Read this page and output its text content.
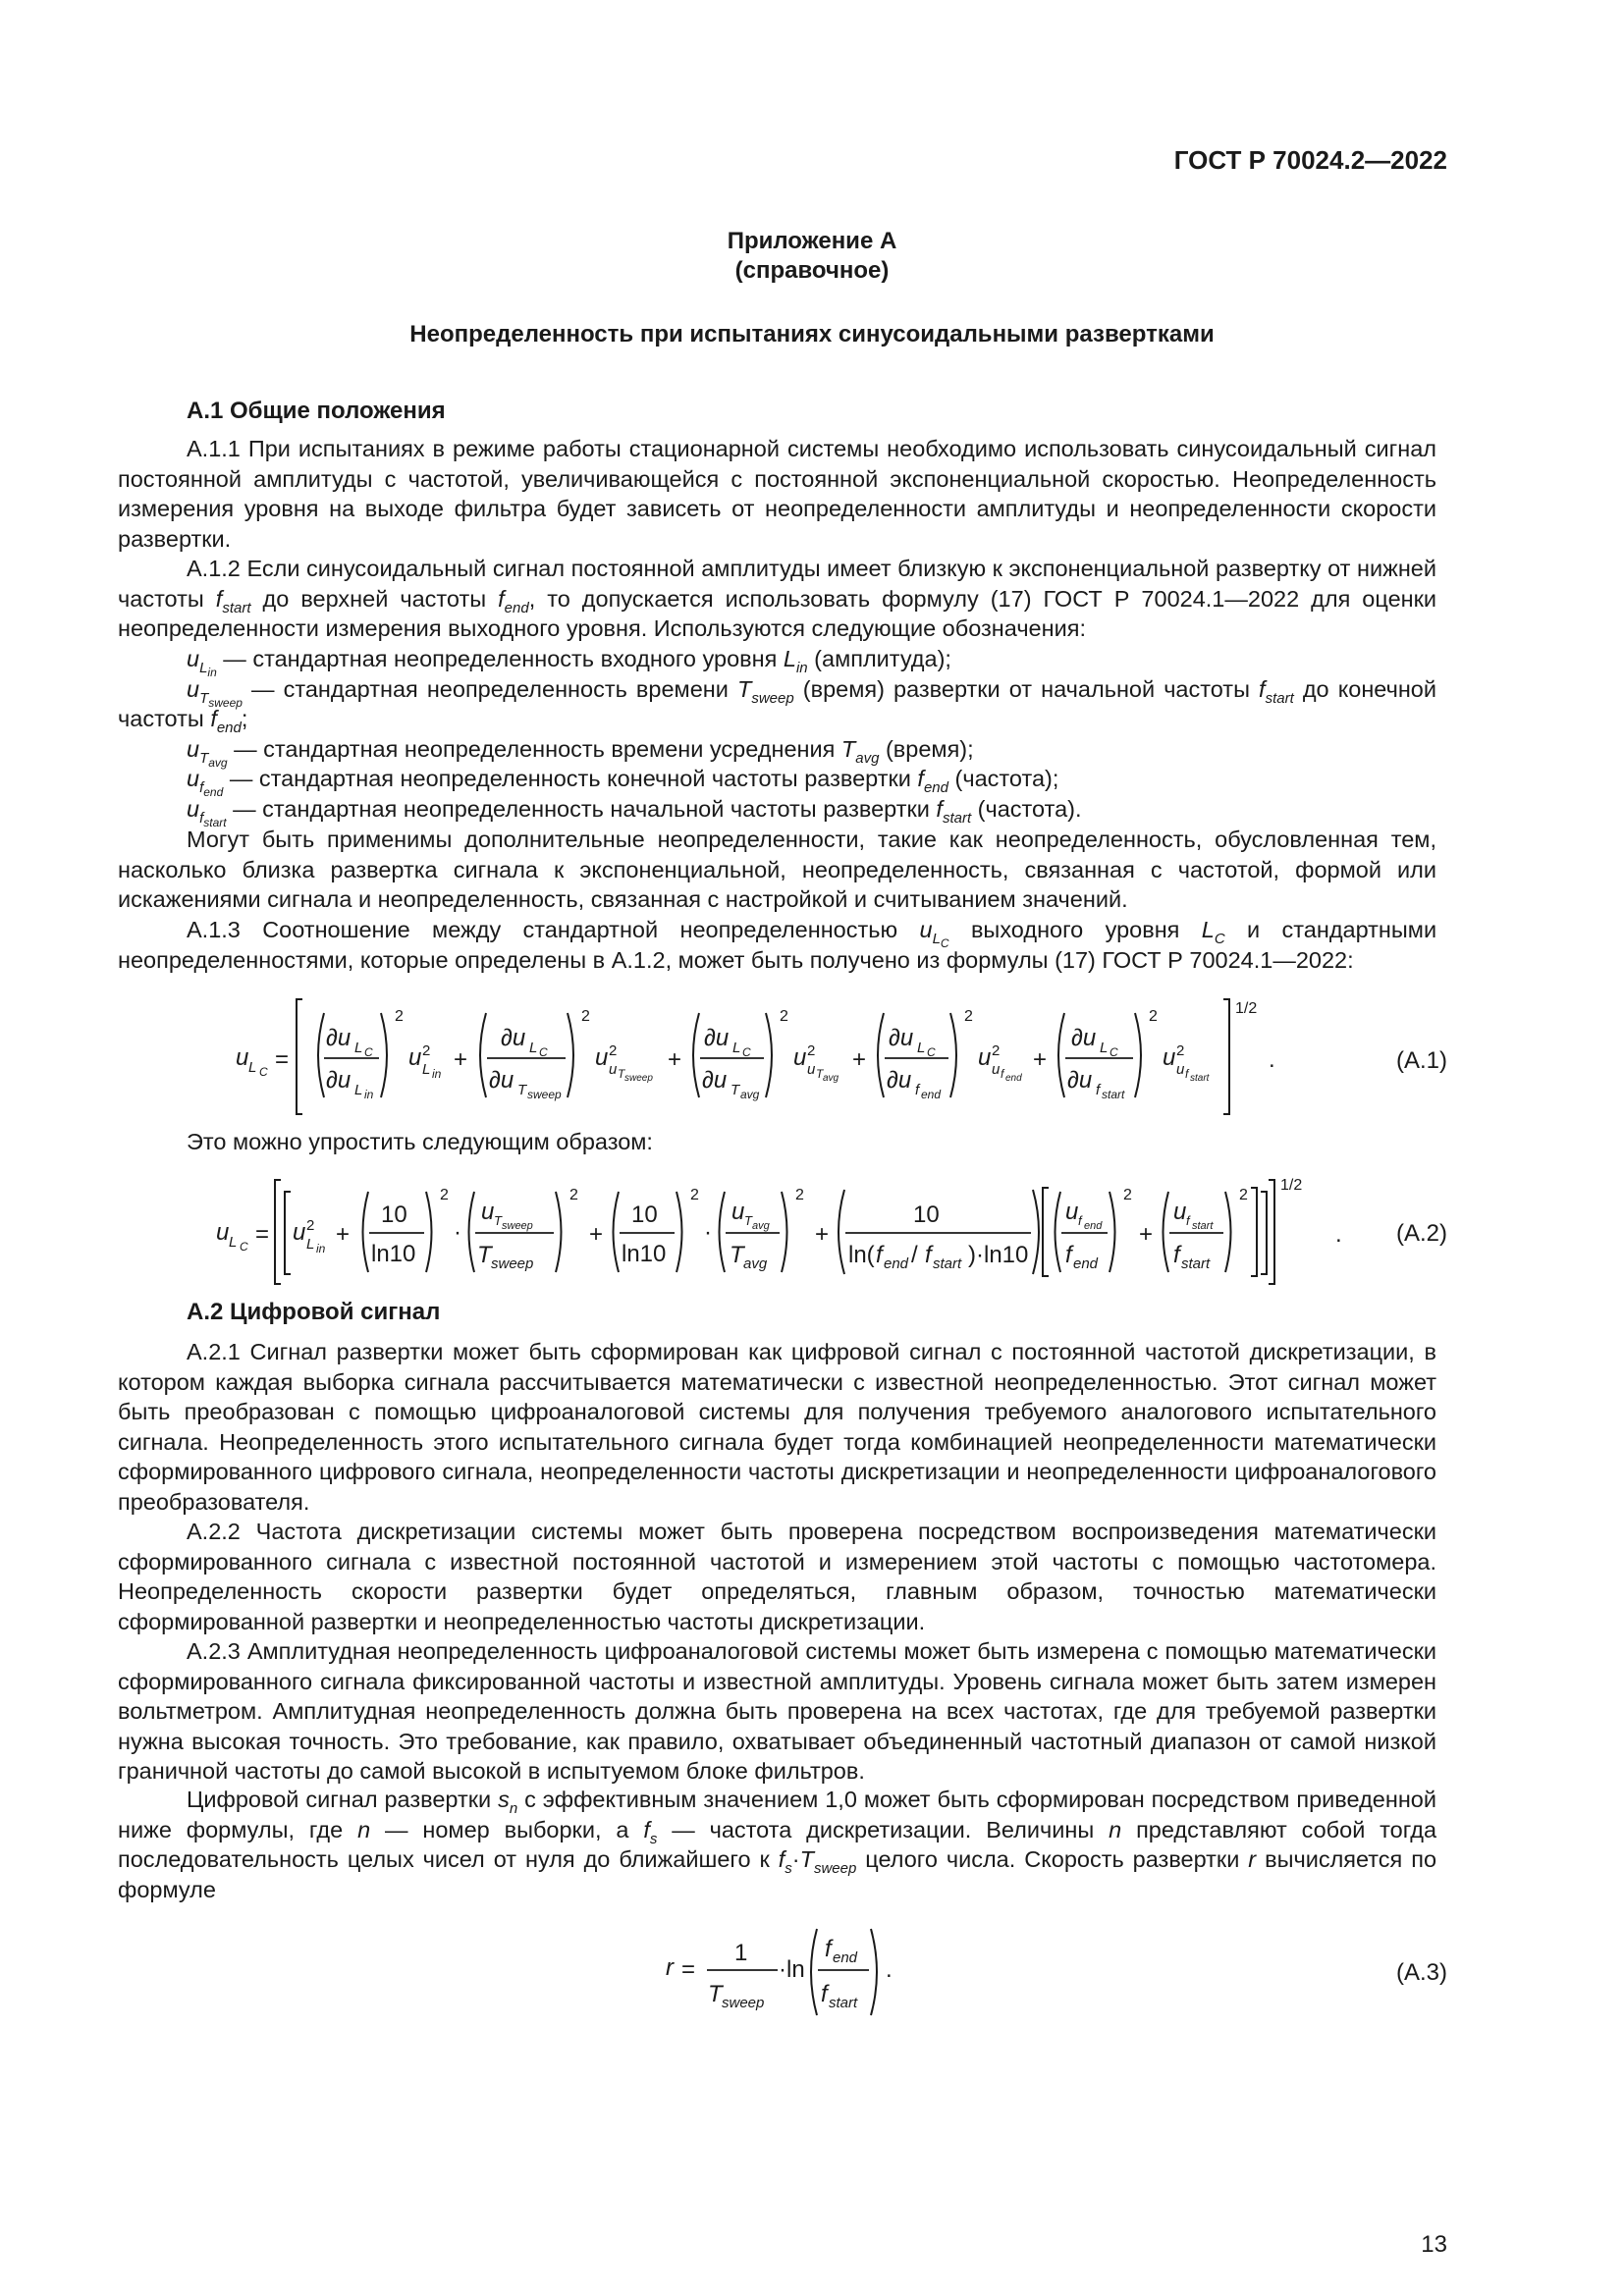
ГОСТ Р 70024.2—2022
Приложение А
(справочное)
Неопределенность при испытаниях синусоидальными развертками
А.1 Общие положения

А.1.1 При испытаниях в режиме работы стационарной системы необходимо использовать синусоидальный сигнал постоянной амплитуды с частотой, увеличивающейся с постоянной экспоненциальной скоростью. Неопределенность измерения уровня на выходе фильтра будет зависеть от неопределенности амплитуды и неопределенности скорости развертки.

А.1.2 Если синусоидальный сигнал постоянной амплитуды имеет близкую к экспоненциальной развертку от нижней частоты $f_{start}$ до верхней частоты $f_{end}$, то допускается использовать формулу (17) ГОСТ Р 70024.1—2022 для оценки неопределенности измерения выходного уровня. Используются следующие обозначения:

$u_{L_{in}}$ — стандартная неопределенность входного уровня $L_{in}$ (амплитуда);
$u_{T_{sweep}}$ — стандартная неопределенность времени $T_{sweep}$ (время) развертки от начальной частоты $f_{start}$ до конечной частоты $f_{end}$;
$u_{T_{avg}}$ — стандартная неопределенность времени усреднения $T_{avg}$ (время);
$u_{f_{end}}$ — стандартная неопределенность конечной частоты развертки $f_{end}$ (частота);
$u_{f_{start}}$ — стандартная неопределенность начальной частоты развертки $f_{start}$ (частота).

Могут быть применимы дополнительные неопределенности, такие как неопределенность, обусловленная тем, насколько близка развертка сигнала к экспоненциальной, неопределенность, связанная с частотой, формой или искажениями сигнала и неопределенность, связанная с настройкой и считыванием значений.

А.1.3 Соотношение между стандартной неопределенностью $u_{L_C}$ выходного уровня $L_C$ и стандартными неопределенностями, которые определены в А.1.2, может быть получено из формулы (17) ГОСТ Р 70024.1—2022:

u L C =
∂u L C
∂u L in
2
u 2
L in
+
∂u L C
∂u T sweep
2
u 2
u T sweep
+
∂u L C
∂u T avg
2
u 2
u T avg
+
∂u L C
∂u f end
2
u 2
u f end
+
∂u L C
∂u f start
2
u 2
u f start
1/2
.	(А.1)

Это можно упростить следующим образом:

u L C = u 2
L in
+
10
ln10
2
·
u T sweep
T sweep
2
+
10
ln10
2
·
u T avg
T avg
2
+
10
ln( f end / f start )·ln10
u f end
f end
2
+
u f start
f start
2
1/2
. (А.2)
А.2 Цифровой сигнал

А.2.1 Сигнал развертки может быть сформирован как цифровой сигнал с постоянной частотой дискретизации, в котором каждая выборка сигнала рассчитывается математически с известной неопределенностью. Этот сигнал может быть преобразован с помощью цифроаналоговой системы для получения требуемого аналогового испытательного сигнала. Неопределенность этого испытательного сигнала будет тогда комбинацией неопределенности математически сформированного цифрового сигнала, неопределенности частоты дискретизации и неопределенности цифроаналогового преобразователя.

А.2.2 Частота дискретизации системы может быть проверена посредством воспроизведения математически сформированного сигнала с известной постоянной частотой и измерением этой частоты с помощью частотомера. Неопределенность скорости развертки будет определяться, главным образом, точностью математически сформированной развертки и неопределенностью частоты дискретизации.

А.2.3 Амплитудная неопределенность цифроаналоговой системы может быть измерена с помощью математически сформированного сигнала фиксированной частоты и известной амплитуды. Уровень сигнала может быть затем измерен вольтметром. Амплитудная неопределенность должна быть проверена на всех частотах, где для требуемой развертки нужна высокая точность. Это требование, как правило, охватывает объединенный частотный диапазон от самой низкой граничной частоты до самой высокой в испытуемом блоке фильтров.

Цифровой сигнал развертки $s_n$ с эффективным значением 1,0 может быть сформирован посредством приведенной ниже формулы, где n — номер выборки, а $f_s$ — частота дискретизации. Величины n представляют собой тогда последовательность целых чисел от нуля до ближайшего к $f_s\cdot T_{sweep}$ целого числа. Скорость развертки r вычисляется по формуле

r =
1
T sweep
·ln
f end
f start
.	(А.3)
13
